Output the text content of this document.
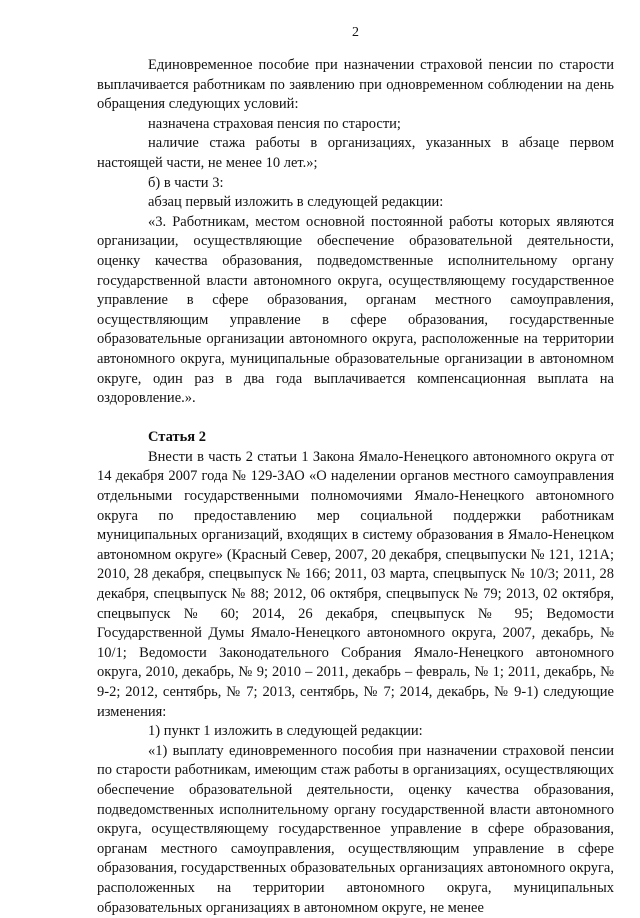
2

Единовременное пособие при назначении страховой пенсии по старости выплачивается работникам по заявлению при одновременном соблюдении на день обращения следующих условий:

назначена страховая пенсия по старости;

наличие стажа работы в организациях, указанных в абзаце первом настоящей части, не менее 10 лет.»;

б) в части 3:

абзац первый изложить в следующей редакции:

«3. Работникам, местом основной постоянной работы которых являются организации, осуществляющие обеспечение образовательной деятельности, оценку качества образования, подведомственные исполнительному органу государственной власти автономного округа, осуществляющему государственное управление в сфере образования, органам местного самоуправления, осуществляющим управление в сфере образования, государственные образовательные организации автономного округа, расположенные на территории автономного округа, муниципальные образовательные организации в автономном округе, один раз в два года выплачивается компенсационная выплата на оздоровление.».

Статья 2

Внести в часть 2 статьи 1 Закона Ямало-Ненецкого автономного округа от 14 декабря 2007 года № 129-ЗАО «О наделении органов местного самоуправления отдельными государственными полномочиями Ямало-Ненецкого автономного округа по предоставлению мер социальной поддержки работникам муниципальных организаций, входящих в систему образования в Ямало-Ненецком автономном округе» (Красный Север, 2007, 20 декабря, спецвыпуски № 121, 121А; 2010, 28 декабря, спецвыпуск № 166; 2011, 03 марта, спецвыпуск № 10/3; 2011, 28 декабря, спецвыпуск № 88; 2012, 06 октября, спецвыпуск № 79; 2013, 02 октября, спецвыпуск № 60; 2014, 26 декабря, спецвыпуск № 95; Ведомости Государственной Думы Ямало-Ненецкого автономного округа, 2007, декабрь, № 10/1; Ведомости Законодательного Собрания Ямало-Ненецкого автономного округа, 2010, декабрь, № 9; 2010 – 2011, декабрь – февраль, № 1; 2011, декабрь, № 9-2; 2012, сентябрь, № 7; 2013, сентябрь, № 7; 2014, декабрь, № 9-1) следующие изменения:

1) пункт 1 изложить в следующей редакции:

«1) выплату единовременного пособия при назначении страховой пенсии по старости работникам, имеющим стаж работы в организациях, осуществляющих обеспечение образовательной деятельности, оценку качества образования, подведомственных исполнительному органу государственной власти автономного округа, осуществляющему государственное управление в сфере образования, органам местного самоуправления, осуществляющим управление в сфере образования, государственных образовательных организациях автономного округа, расположенных на территории автономного округа, муниципальных образовательных организациях в автономном округе, не менее
